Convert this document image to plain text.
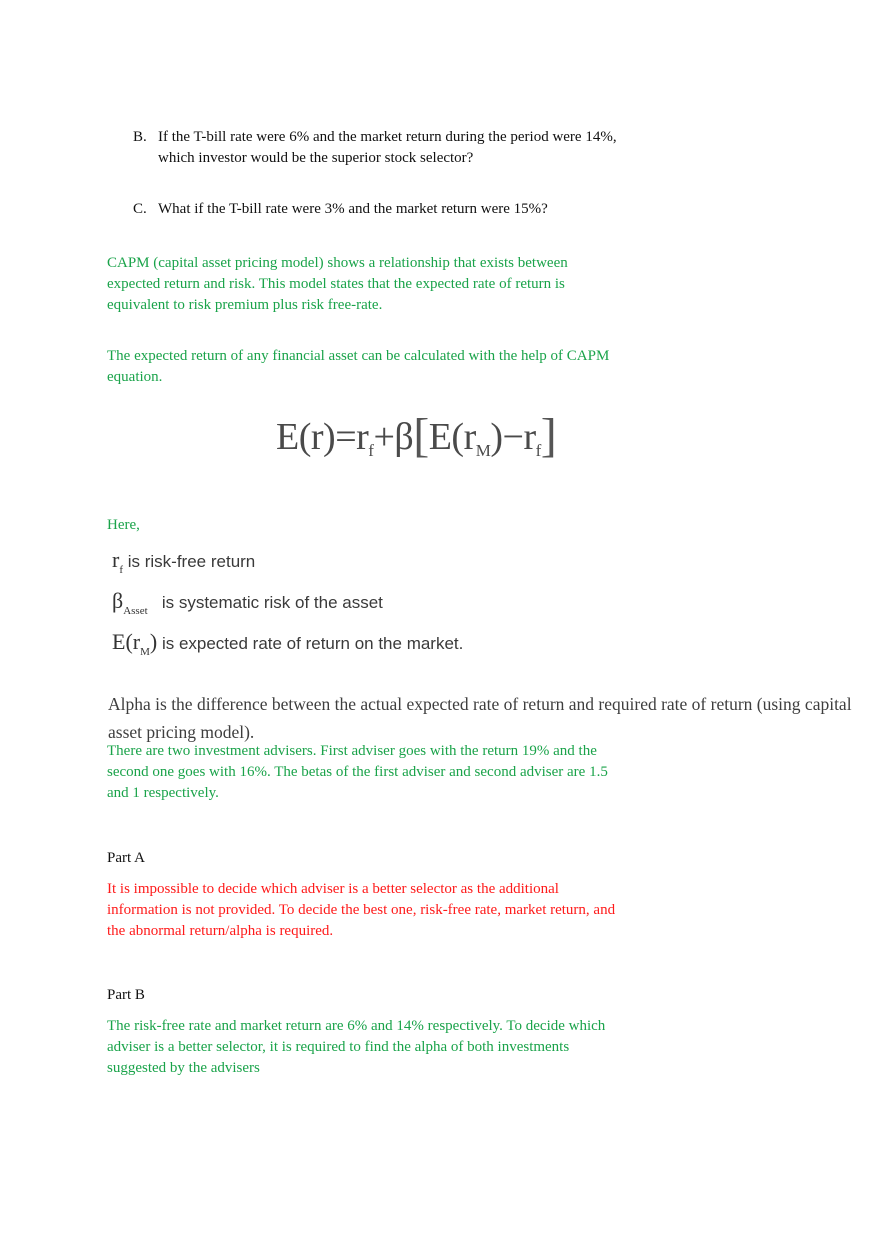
B. If the T-bill rate were 6% and the market return during the period were 14%, which investor would be the superior stock selector?
C. What if the T-bill rate were 3% and the market return were 15%?

CAPM (capital asset pricing model) shows a relationship that exists between expected return and risk. This model states that the expected rate of return is equivalent to risk premium plus risk free-rate.

The expected return of any financial asset can be calculated with the help of CAPM equation.

$E(r)=r_f+\beta[E(r_M)-r_f]$

Here,

$r_f$ is risk-free return
$\beta_{Asset}$ is systematic risk of the asset
$E(r_M)$ is expected rate of return on the market.

Alpha is the difference between the actual expected rate of return and required rate of return (using capital asset pricing model).

There are two investment advisers. First adviser goes with the return 19% and the second one goes with 16%. The betas of the first adviser and second adviser are 1.5 and 1 respectively.

Part A

It is impossible to decide which adviser is a better selector as the additional information is not provided. To decide the best one, risk-free rate, market return, and the abnormal return/alpha is required.

Part B

The risk-free rate and market return are 6% and 14% respectively. To decide which adviser is a better selector, it is required to find the alpha of both investments suggested by the advisers
